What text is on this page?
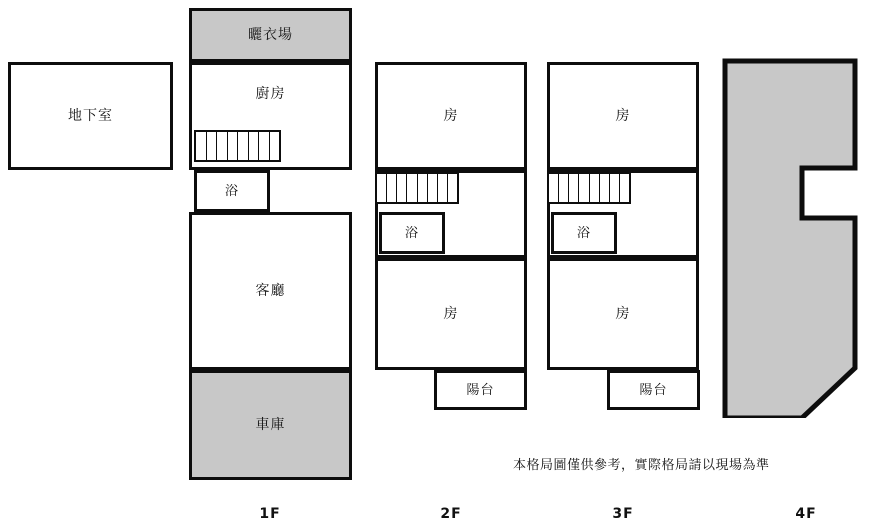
地下室
曬衣場
廚房
浴
客廳
車庫
房
浴
房
陽台
房
浴
房
陽台
1F	2F	3F	4F
本格局圖僅供參考，實際格局請以現場為準
